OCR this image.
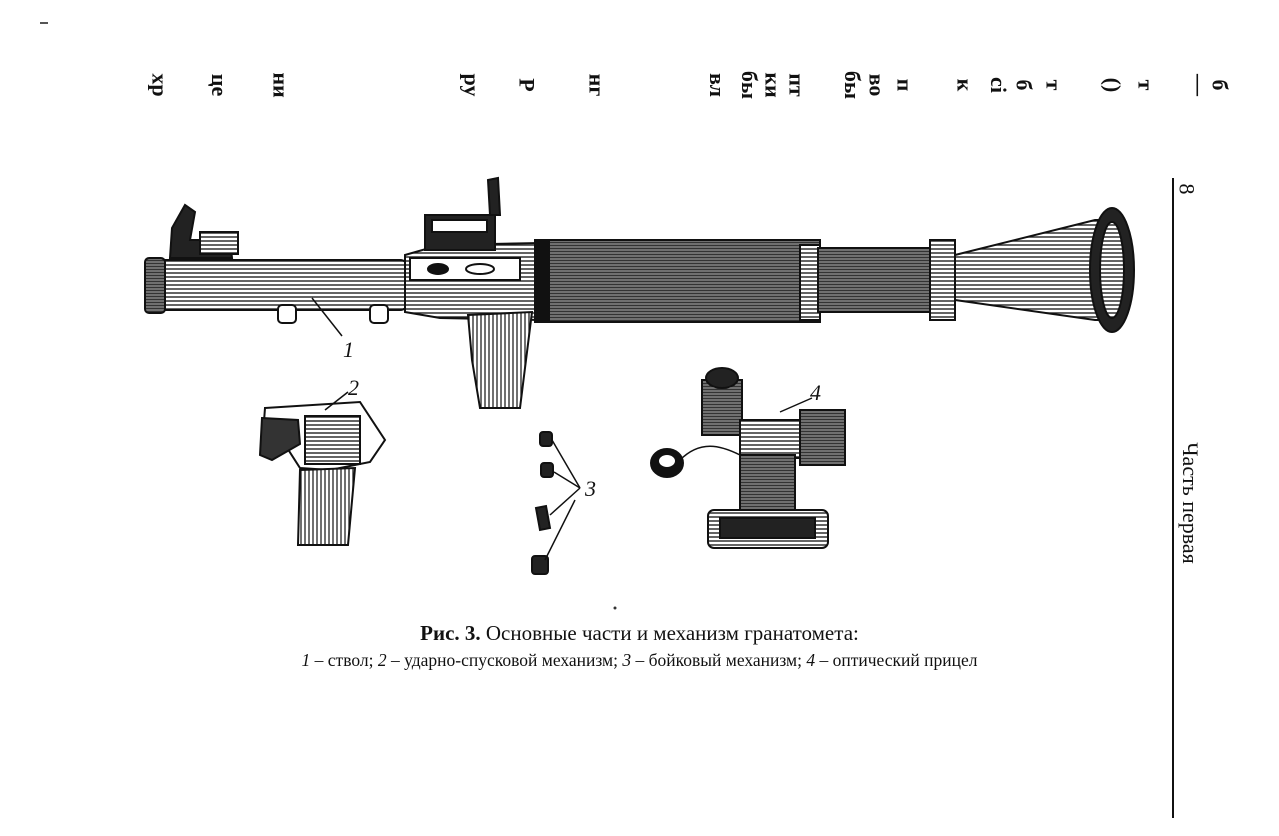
хр це ни	ру Р нг	вл бы
ки пт бы во п к сі б т () т —
б
8
Часть первая
1
2
3
4
Рис. 3. Основные части и механизм гранатомета:
1 – ствол; 2 – ударно-спусковой механизм; 3 – бойковый механизм; 4 – оптический прицел
